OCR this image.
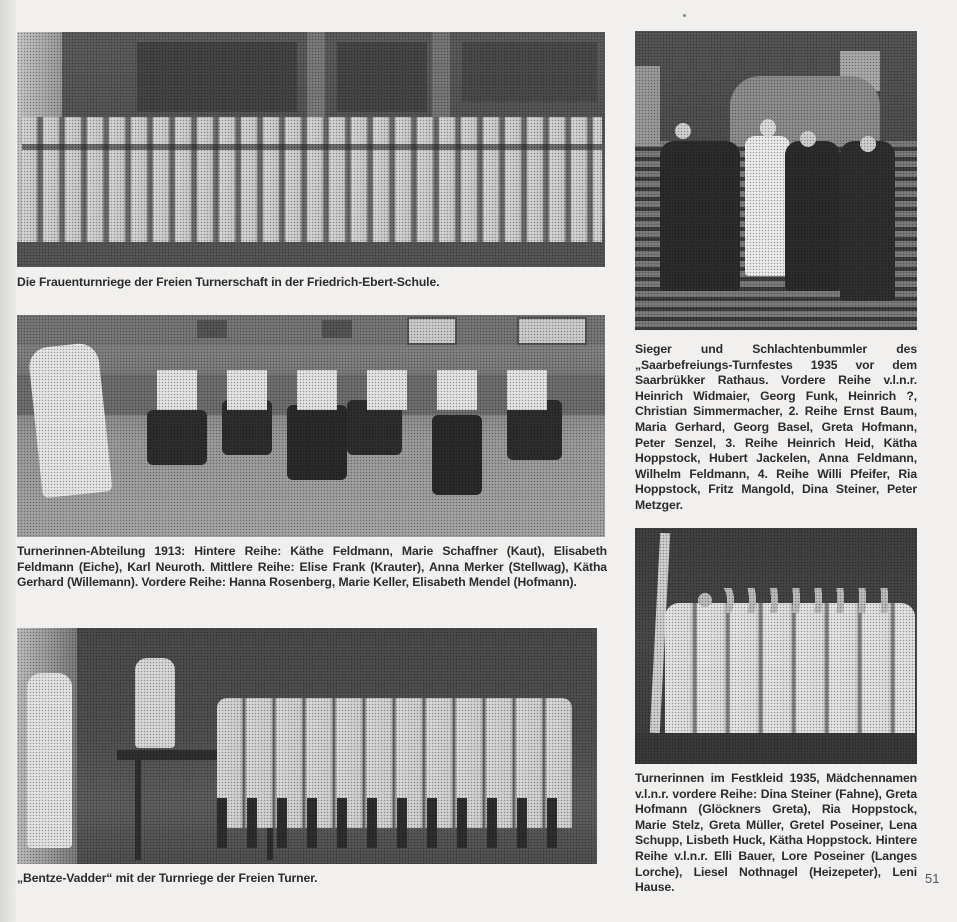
Die Frauenturnriege der Freien Turnerschaft in der Friedrich-Ebert-Schule.
Turnerinnen-Abteilung 1913: Hintere Reihe: Käthe Feldmann, Marie Schaffner (Kaut), Elisabeth Feldmann (Eiche), Karl Neuroth. Mittlere Reihe: Elise Frank (Krauter), Anna Merker (Stellwag), Kätha Gerhard (Willemann). Vordere Reihe: Hanna Rosenberg, Marie Keller, Elisabeth Mendel (Hofmann).
„Bentze-Vadder“ mit der Turnriege der Freien Turner.
Sieger und Schlachtenbummler des „Saarbefreiungs-Turnfestes 1935 vor dem Saarbrükker Rathaus. Vordere Reihe v.l.n.r. Heinrich Widmaier, Georg Funk, Heinrich ?, Christian Simmermacher, 2. Reihe Ernst Baum, Maria Gerhard, Georg Basel, Greta Hofmann, Peter Senzel, 3. Reihe Heinrich Heid, Kätha Hoppstock, Hubert Jackelen, Anna Feldmann, Wilhelm Feldmann, 4. Reihe Willi Pfeifer, Ria Hoppstock, Fritz Mangold, Dina Steiner, Peter Metzger.
Turnerinnen im Festkleid 1935, Mädchennamen v.l.n.r. vordere Reihe: Dina Steiner (Fahne), Greta Hofmann (Glöckners Greta), Ria Hoppstock, Marie Stelz, Greta Müller, Gretel Poseiner, Lena Schupp, Lisbeth Huck, Kätha Hoppstock. Hintere Reihe v.l.n.r. Elli Bauer, Lore Poseiner (Langes Lorche), Liesel Nothnagel (Heizepeter), Leni Hause.
51
